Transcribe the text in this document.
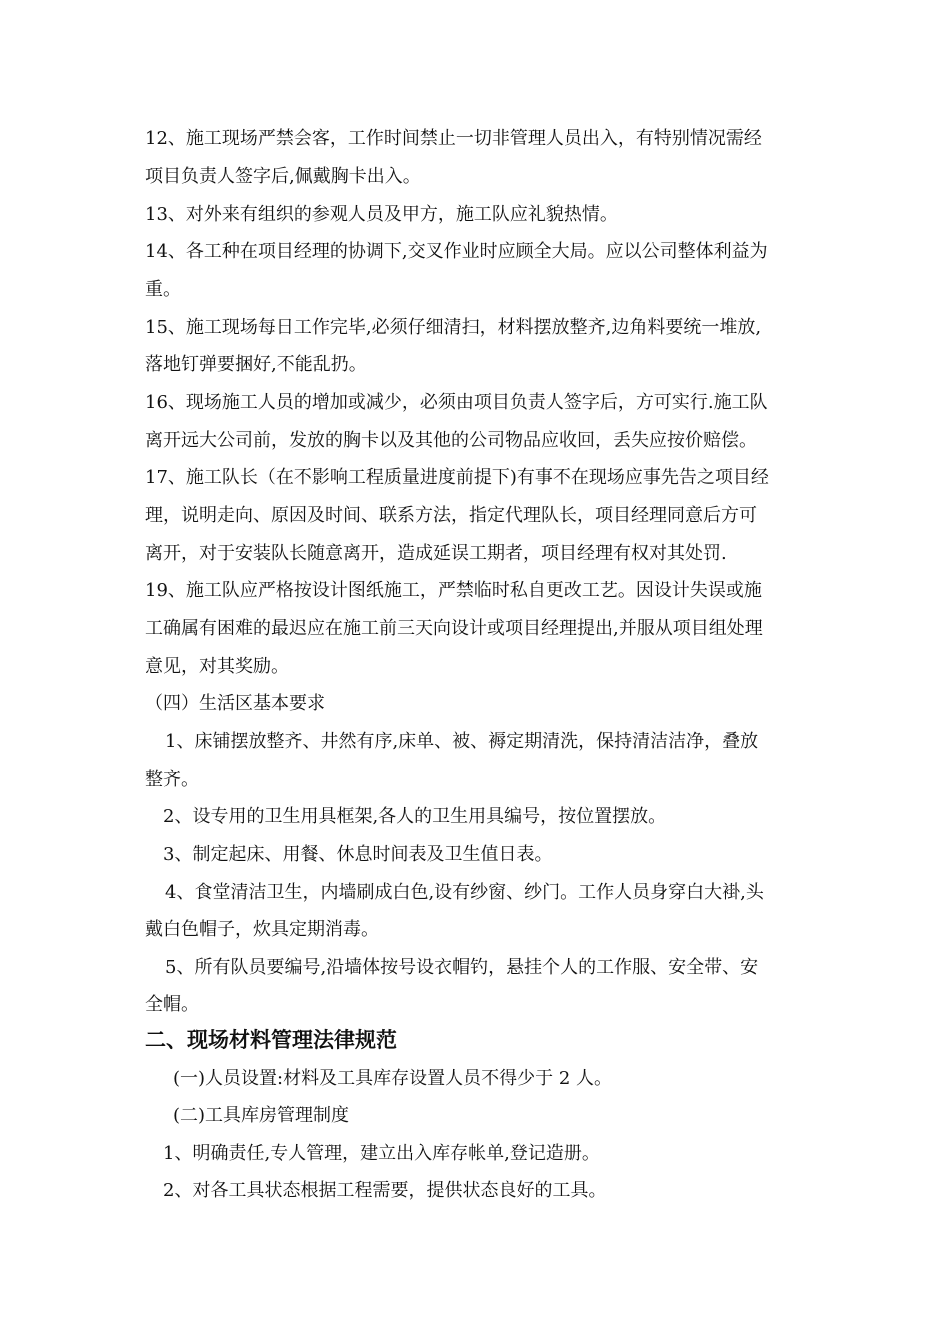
12、施工现场严禁会客，工作时间禁止一切非管理人员出入，有特别情况需经
项目负责人签字后,佩戴胸卡出入。
13、对外来有组织的参观人员及甲方，施工队应礼貌热情。
14、各工种在项目经理的协调下,交叉作业时应顾全大局。应以公司整体利益为
重。
15、施工现场每日工作完毕,必须仔细清扫，材料摆放整齐,边角料要统一堆放,
落地钉弹要捆好,不能乱扔。
16、现场施工人员的增加或减少，必须由项目负责人签字后，方可实行.施工队
离开远大公司前，发放的胸卡以及其他的公司物品应收回，丢失应按价赔偿。
17、施工队长（在不影响工程质量进度前提下)有事不在现场应事先告之项目经
理，说明走向、原因及时间、联系方法，指定代理队长，项目经理同意后方可
离开，对于安装队长随意离开，造成延误工期者，项目经理有权对其处罚.
19、施工队应严格按设计图纸施工，严禁临时私自更改工艺。因设计失误或施
工确属有困难的最迟应在施工前三天向设计或项目经理提出,并服从项目组处理
意见，对其奖励。
（四）生活区基本要求
1、床铺摆放整齐、井然有序,床单、被、褥定期清洗，保持清洁洁净，叠放
整齐。
2、设专用的卫生用具框架,各人的卫生用具编号，按位置摆放。
3、制定起床、用餐、休息时间表及卫生值日表。
4、食堂清洁卫生，内墙刷成白色,设有纱窗、纱门。工作人员身穿白大褂,头
戴白色帽子，炊具定期消毒。
5、所有队员要编号,沿墙体按号设衣帽钓，悬挂个人的工作服、安全带、安
全帽。
二、现场材料管理法律规范
(一)人员设置:材料及工具库存设置人员不得少于 2 人。
(二)工具库房管理制度
1、明确责任,专人管理，建立出入库存帐单,登记造册。
2、对各工具状态根据工程需要，提供状态良好的工具。
